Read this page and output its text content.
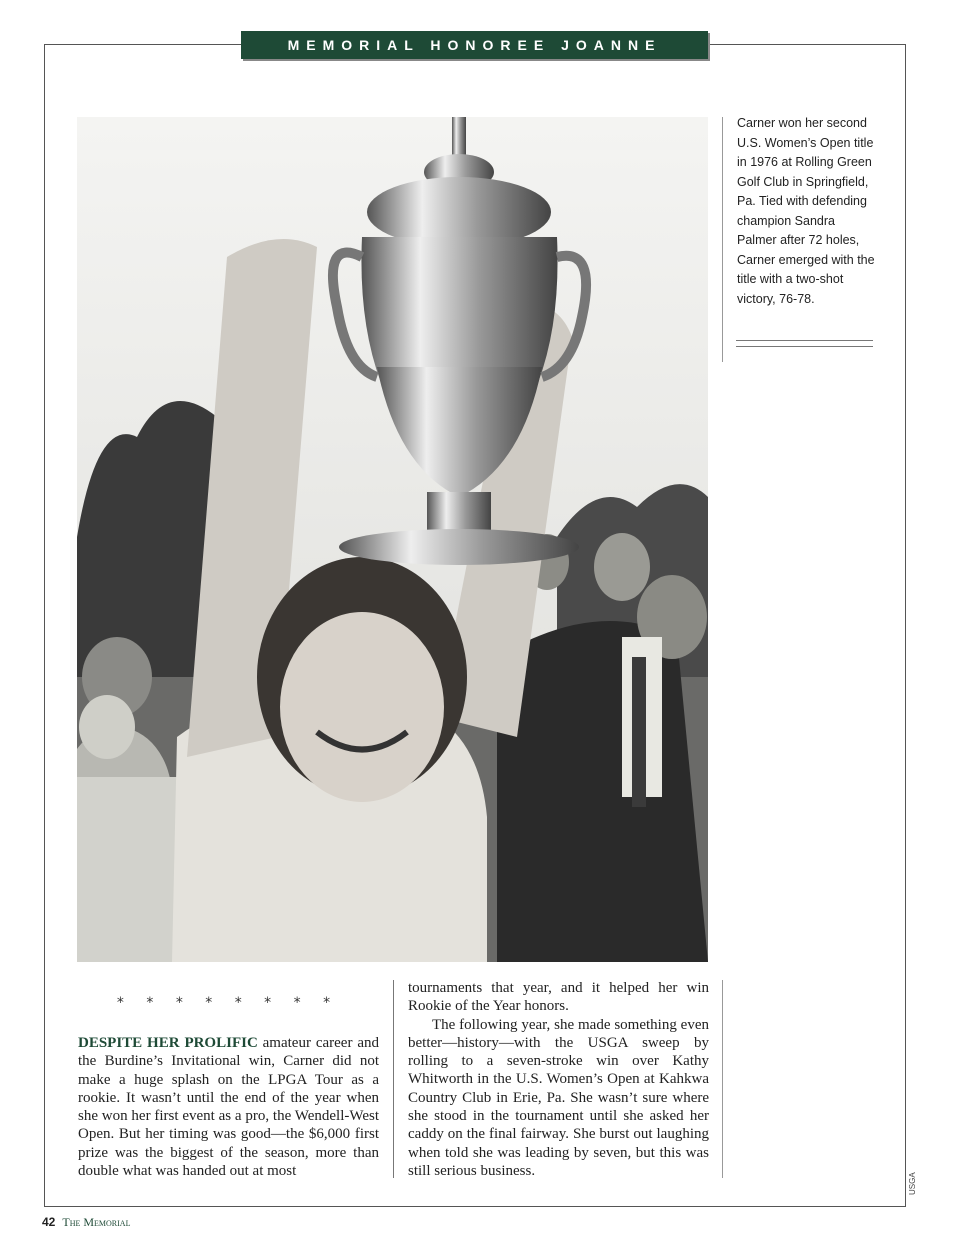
MEMORIAL HONOREE JOANNE CARNER
Carner won her second U.S. Women’s Open title in 1976 at Rolling Green Golf Club in Springfield, Pa. Tied with defending champion Sandra Palmer after 72 holes, Carner emerged with the title with a two-shot victory, 76-78.
* * * * * * * *
DESPITE HER PROLIFIC amateur career and the Burdine’s Invitational win, Carner did not make a huge splash on the LPGA Tour as a rookie. It wasn’t until the end of the year when she won her first event as a pro, the Wendell-West Open. But her timing was good—the $6,000 first prize was the biggest of the season, more than double what was handed out at most
tournaments that year, and it helped her win Rookie of the Year honors.
The following year, she made something even better—history—with the USGA sweep by rolling to a seven-stroke win over Kathy Whitworth in the U.S. Women’s Open at Kahkwa Country Club in Erie, Pa. She wasn’t sure where she stood in the tournament until she asked her caddy on the final fairway. She burst out laughing when told she was leading by seven, but this was still serious business.
42 The Memorial
USGA
